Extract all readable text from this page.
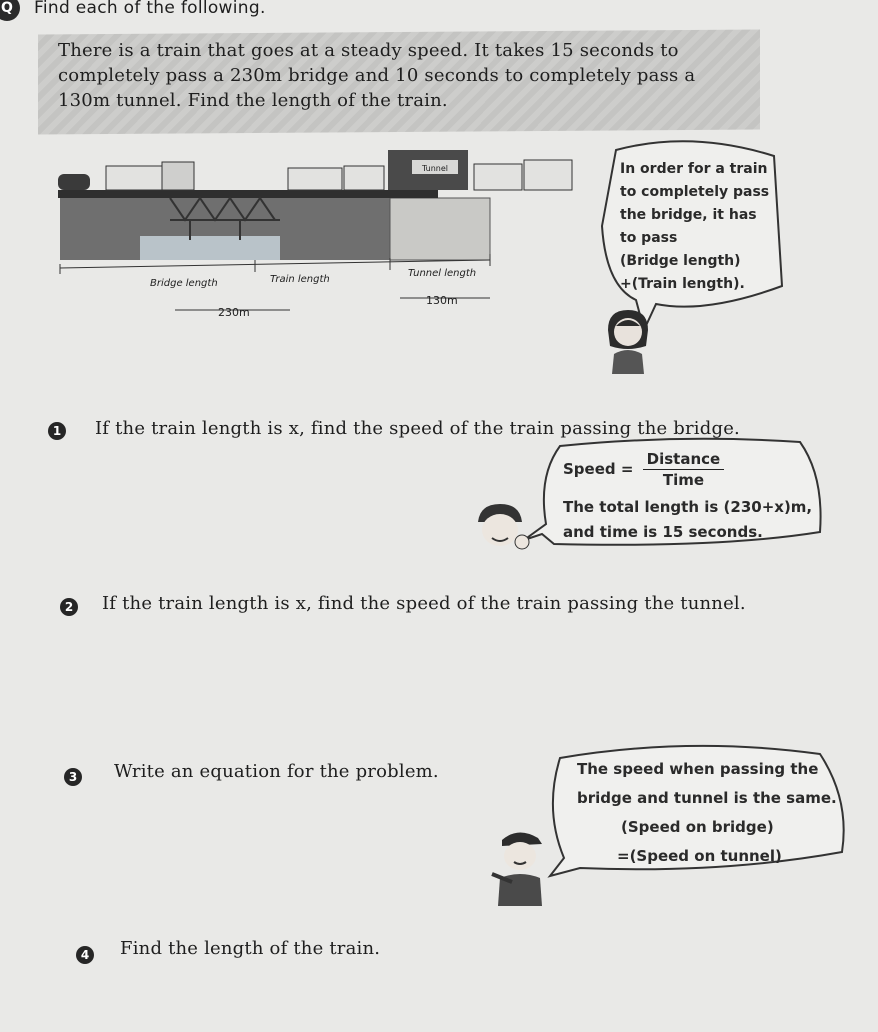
Q	Find each of the following.
There is a train that goes at a steady speed. It takes 15 seconds to completely pass a 230m bridge and 10 seconds to completely pass a 130m tunnel. Find the length of the train.
Tunnel
Bridge length	Train length
Tunnel length
230m
130m
In order for a train
to completely pass
the bridge, it has
to pass
(Bridge length)
+(Train length).
1 If the train length is x, find the speed of the train passing the bridge.
Speed = $\frac{\text{Distance}}{\text{Time}}$
The total length is (230+x)m,
and time is 15 seconds.
2 If the train length is x, find the speed of the train passing the tunnel.
3 Write an equation for the problem.	The speed when passing the
bridge and tunnel is the same.
(Speed on bridge)
=(Speed on tunnel)
4 Find the length of the train.
